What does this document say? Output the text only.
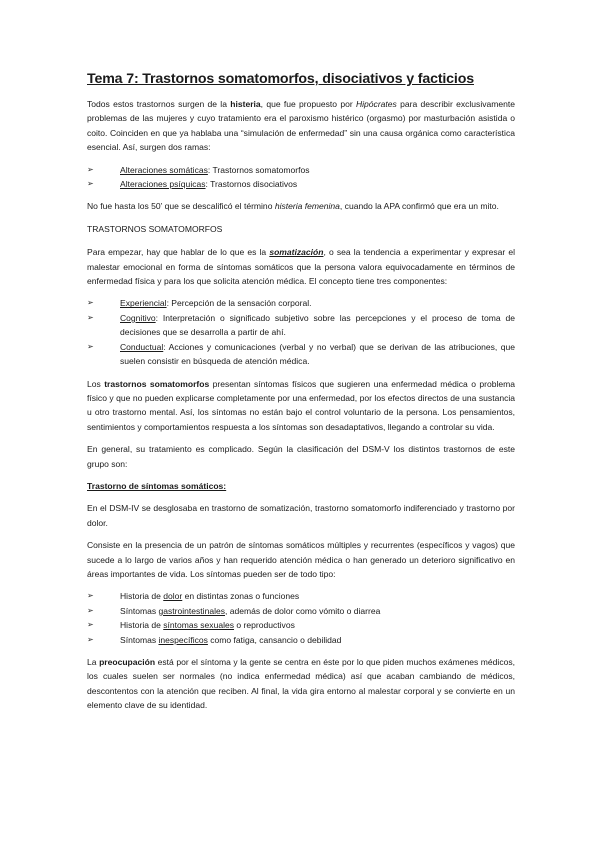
Tema 7: Trastornos somatomorfos, disociativos y facticios

Todos estos trastornos surgen de la histeria, que fue propuesto por Hipócrates para describir exclusivamente problemas de las mujeres y cuyo tratamiento era el paroxismo histérico (orgasmo) por masturbación asistida o coito. Coinciden en que ya hablaba una “simulación de enfermedad” sin una causa orgánica como característica esencial. Así, surgen dos ramas:

➢	Alteraciones somáticas: Trastornos somatomorfos
➢	Alteraciones psíquicas: Trastornos disociativos

No fue hasta los 50’ que se descalificó el término histeria femenina, cuando la APA confirmó que era un mito.

TRASTORNOS SOMATOMORFOS

Para empezar, hay que hablar de lo que es la somatización, o sea la tendencia a experimentar y expresar el malestar emocional en forma de síntomas somáticos que la persona valora equivocadamente en términos de enfermedad física y para los que solicita atención médica. El concepto tiene tres componentes:

➢	Experiencial: Percepción de la sensación corporal.
➢	Cognitivo: Interpretación o significado subjetivo sobre las percepciones y el proceso de toma de decisiones que se desarrolla a partir de ahí.
➢	Conductual: Acciones y comunicaciones (verbal y no verbal) que se derivan de las atribuciones, que suelen consistir en búsqueda de atención médica.

Los trastornos somatomorfos presentan síntomas físicos que sugieren una enfermedad médica o problema físico y que no pueden explicarse completamente por una enfermedad, por los efectos directos de una sustancia u otro trastorno mental. Así, los síntomas no están bajo el control voluntario de la persona. Los pensamientos, sentimientos y comportamientos respuesta a los síntomas son desadaptativos, llegando a controlar su vida.

En general, su tratamiento es complicado. Según la clasificación del DSM-V los distintos trastornos de este grupo son:

Trastorno de síntomas somáticos:

En el DSM-IV se desglosaba en trastorno de somatización, trastorno somatomorfo indiferenciado y trastorno por dolor.

Consiste en la presencia de un patrón de síntomas somáticos múltiples y recurrentes (específicos y vagos) que sucede a lo largo de varios años y han requerido atención médica o han generado un deterioro significativo en áreas importantes de vida. Los síntomas pueden ser de todo tipo:

➢	Historia de dolor en distintas zonas o funciones
➢	Síntomas gastrointestinales, además de dolor como vómito o diarrea
➢	Historia de síntomas sexuales o reproductivos
➢	Síntomas inespecíficos como fatiga, cansancio o debilidad

La preocupación está por el síntoma y la gente se centra en éste por lo que piden muchos exámenes médicos, los cuales suelen ser normales (no indica enfermedad médica) así que acaban cambiando de médicos, descontentos con la atención que reciben. Al final, la vida gira entorno al malestar corporal y se convierte en un elemento clave de su identidad.
